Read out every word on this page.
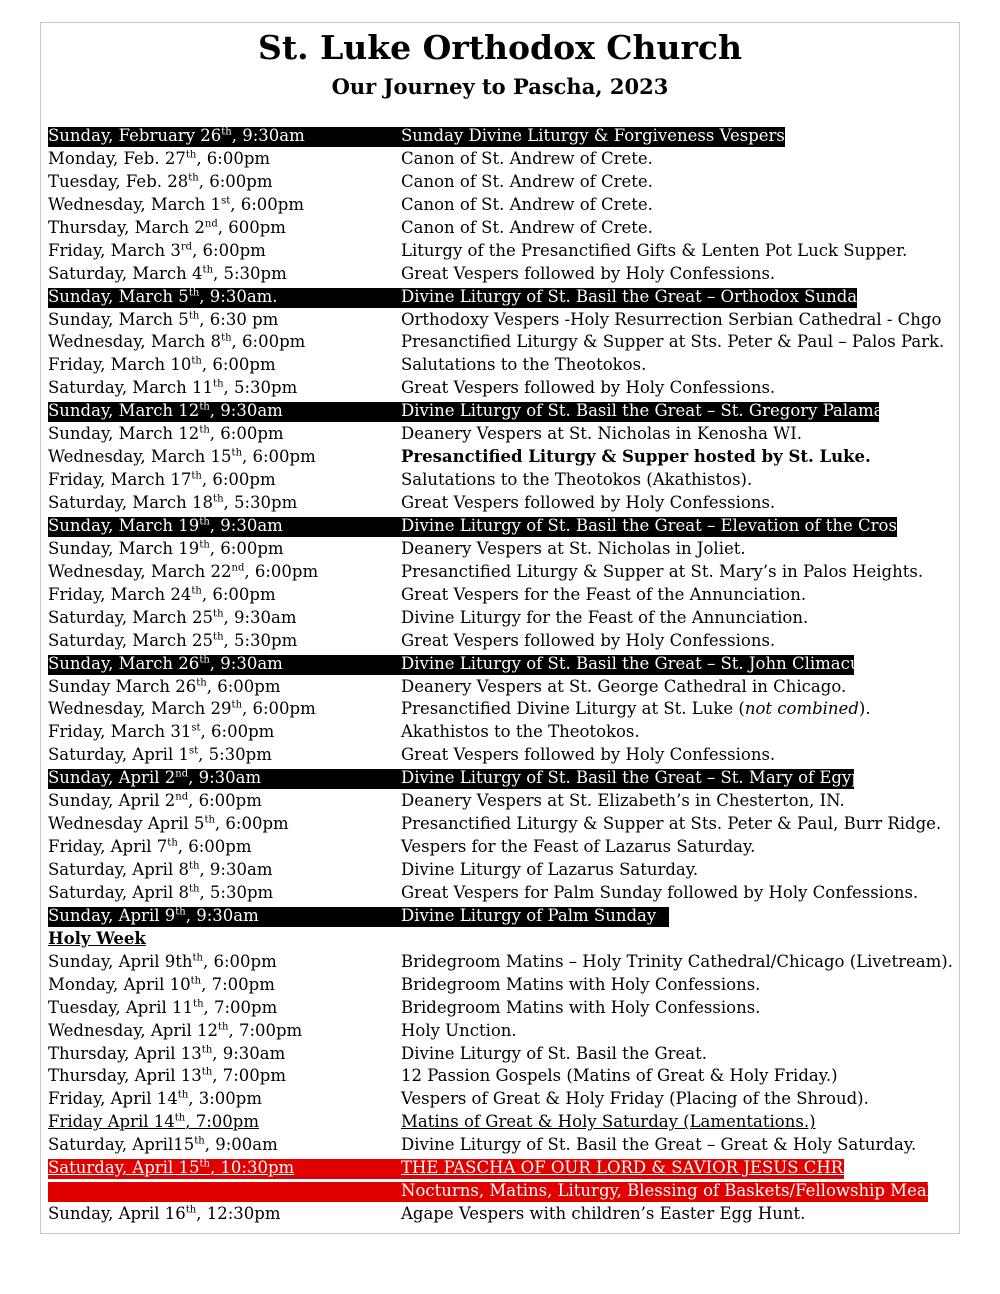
St. Luke Orthodox Church
Our Journey to Pascha, 2023
Sunday, February 26th, 9:30am	Sunday Divine Liturgy & Forgiveness Vespers.
Monday, Feb. 27th, 6:00pm	Canon of St. Andrew of Crete.
Tuesday, Feb. 28th, 6:00pm	Canon of St. Andrew of Crete.
Wednesday, March 1st, 6:00pm	Canon of St. Andrew of Crete.
Thursday, March 2nd, 600pm	Canon of St. Andrew of Crete.
Friday, March 3rd, 6:00pm	Liturgy of the Presanctified Gifts & Lenten Pot Luck Supper.
Saturday, March 4th, 5:30pm	Great Vespers followed by Holy Confessions.
Sunday, March 5th, 9:30am.	Divine Liturgy of St. Basil the Great – Orthodox Sunday
Sunday, March 5th, 6:30 pm	Orthodoxy Vespers -Holy Resurrection Serbian Cathedral - Chgo
Wednesday, March 8th, 6:00pm	Presanctified Liturgy & Supper at Sts. Peter & Paul – Palos Park.
Friday, March 10th, 6:00pm	Salutations to the Theotokos.
Saturday, March 11th, 5:30pm	Great Vespers followed by Holy Confessions.
Sunday, March 12th, 9:30am	Divine Liturgy of St. Basil the Great – St. Gregory Palamas
Sunday, March 12th, 6:00pm	Deanery Vespers at St. Nicholas in Kenosha WI.
Wednesday, March 15th, 6:00pm	Presanctified Liturgy & Supper hosted by St. Luke.
Friday, March 17th, 6:00pm	Salutations to the Theotokos (Akathistos).
Saturday, March 18th, 5:30pm	Great Vespers followed by Holy Confessions.
Sunday, March 19th, 9:30am	Divine Liturgy of St. Basil the Great – Elevation of the Cross.
Sunday, March 19th, 6:00pm	Deanery Vespers at St. Nicholas in Joliet.
Wednesday, March 22nd, 6:00pm	Presanctified Liturgy & Supper at St. Mary’s in Palos Heights.
Friday, March 24th, 6:00pm	Great Vespers for the Feast of the Annunciation.
Saturday, March 25th, 9:30am	Divine Liturgy for the Feast of the Annunciation.
Saturday, March 25th, 5:30pm	Great Vespers followed by Holy Confessions.
Sunday, March 26th, 9:30am	Divine Liturgy of St. Basil the Great – St. John Climacus
Sunday March 26th, 6:00pm	Deanery Vespers at St. George Cathedral in Chicago.
Wednesday, March 29th, 6:00pm	Presanctified Divine Liturgy at St. Luke (not combined).
Friday, March 31st, 6:00pm	Akathistos to the Theotokos.
Saturday, April 1st, 5:30pm	Great Vespers followed by Holy Confessions.
Sunday, April 2nd, 9:30am	Divine Liturgy of St. Basil the Great – St. Mary of Egypt
Sunday, April 2nd, 6:00pm	Deanery Vespers at St. Elizabeth’s in Chesterton, IN.
Wednesday April 5th, 6:00pm	Presanctified Liturgy & Supper at Sts. Peter & Paul, Burr Ridge.
Friday, April 7th, 6:00pm	Vespers for the Feast of Lazarus Saturday.
Saturday, April 8th, 9:30am	Divine Liturgy of Lazarus Saturday.
Saturday, April 8th, 5:30pm	Great Vespers for Palm Sunday followed by Holy Confessions.
Sunday, April 9th, 9:30am	Divine Liturgy of Palm Sunday
Holy Week
Sunday, April $9th^{th}$, 6:00pm	Bridegroom Matins – Holy Trinity Cathedral/Chicago (Livetream).
Monday, April 10th, 7:00pm	Bridegroom Matins with Holy Confessions.
Tuesday, April 11th, 7:00pm	Bridegroom Matins with Holy Confessions.
Wednesday, April 12th, 7:00pm	Holy Unction.
Thursday, April 13th, 9:30am	Divine Liturgy of St. Basil the Great.
Thursday, April 13th, 7:00pm	12 Passion Gospels (Matins of Great & Holy Friday.)
Friday, April 14th, 3:00pm	Vespers of Great & Holy Friday (Placing of the Shroud).
Friday April 14th, 7:00pm	Matins of Great & Holy Saturday (Lamentations.)
Saturday, April15th, 9:00am	Divine Liturgy of St. Basil the Great – Great & Holy Saturday.
Saturday, April 15th, 10:30pm	THE PASCHA OF OUR LORD & SAVIOR JESUS CHRIST
Nocturns, Matins, Liturgy, Blessing of Baskets/Fellowship Meal
Sunday, April 16th, 12:30pm	Agape Vespers with children’s Easter Egg Hunt.
